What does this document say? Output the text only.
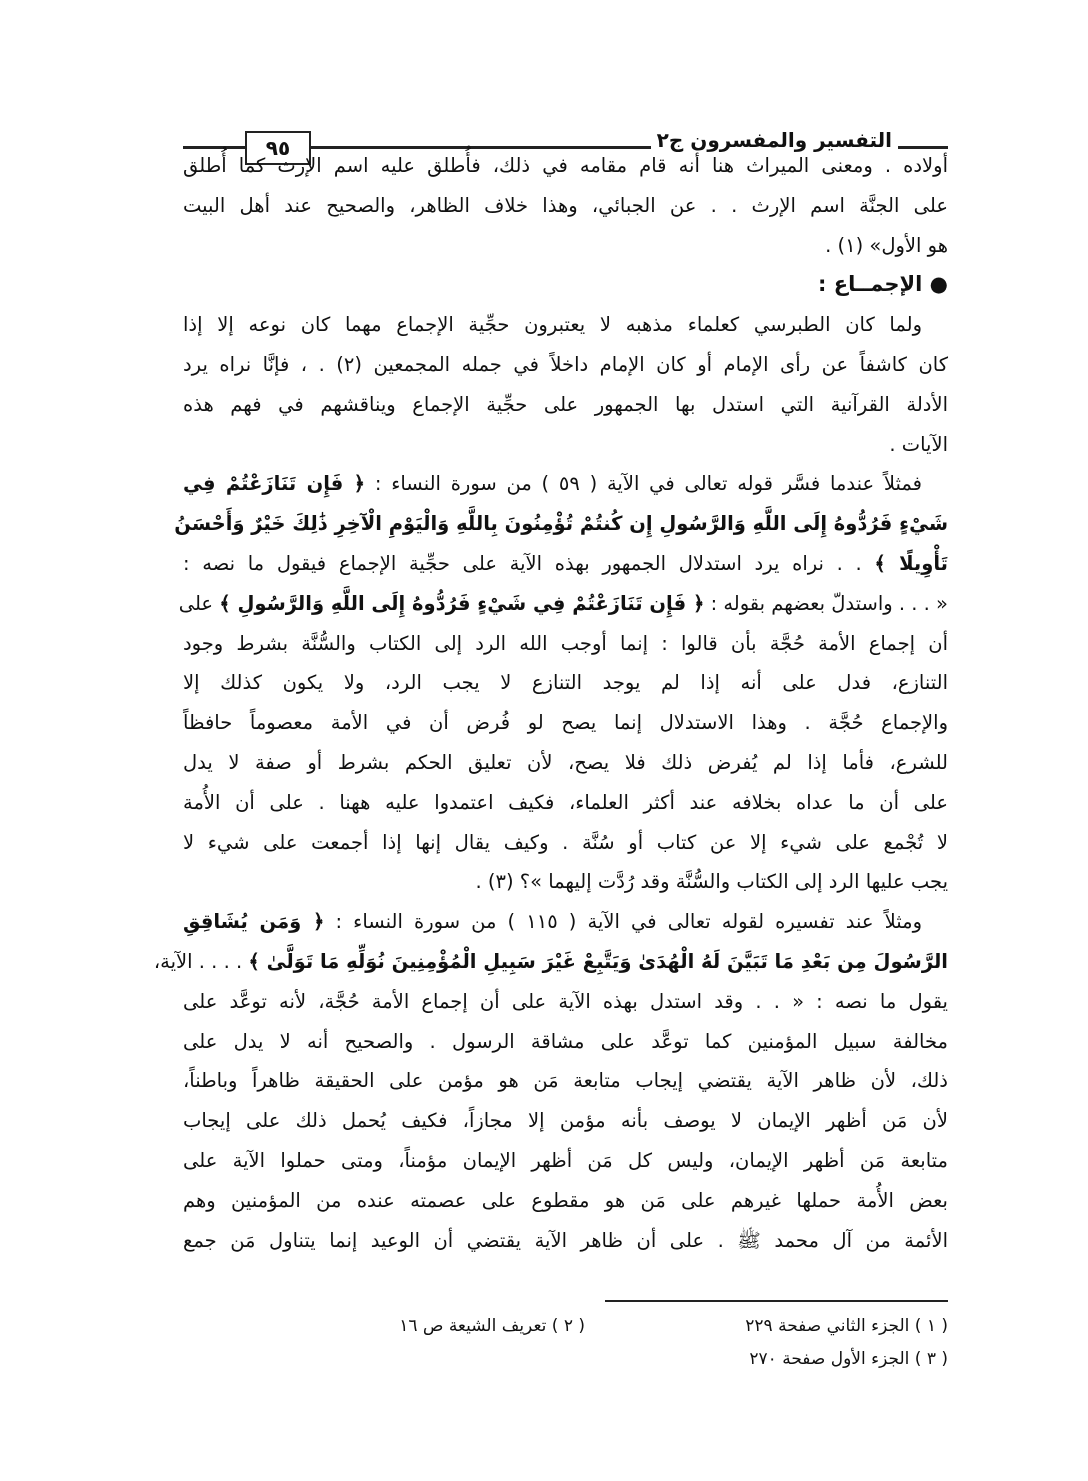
٩٥	التفسير والمفسرون ج٢
أولاده . ومعنى الميراث هنا أنه قام مقامه في ذلك، فأُطلق عليه اسم الإرث كما أُطلق
على الجنَّة اسم الإرث . . عن الجبائي، وهذا خلاف الظاهر، والصحيح عند أهل البيت
هو الأول» (١) .
● الإجمــاع :
ولما كان الطبرسي كعلماء مذهبه لا يعتبرون حجِّية الإجماع مهما كان نوعه إلا إذا
كان كاشفاً عن رأى الإمام أو كان الإمام داخلاً في جمله المجمعين (٢) . ، فإنَّا نراه يرد
الأدلة القرآنية التي استدل بها الجمهور على حجِّية الإجماع ويناقشهم في فهم هذه
الآيات .
فمثلاً عندما فسَّر قوله تعالى في الآية ( ٥٩ ) من سورة النساء : ﴿ فَإِن تَنَازَعْتُمْ فِي
شَيْءٍ فَرُدُّوهُ إِلَى اللَّهِ وَالرَّسُولِ إِن كُنتُمْ تُؤْمِنُونَ بِاللَّهِ وَالْيَوْمِ الْآخِرِ ذَٰلِكَ خَيْرٌ وَأَحْسَنُ
تَأْوِيلًا ﴾ . . نراه يرد استدلال الجمهور بهذه الآية على حجِّية الإجماع فيقول ما نصه :
« . . . واستدلّ بعضهم بقوله : ﴿ فَإِن تَنَازَعْتُمْ فِي شَيْءٍ فَرُدُّوهُ إِلَى اللَّهِ وَالرَّسُولِ ﴾ على
أن إجماع الأمة حُجَّة بأن قالوا : إنما أوجب الله الرد إلى الكتاب والسُّنَّة بشرط وجود
التنازع، فدل على أنه إذا لم يوجد التنازع لا يجب الرد، ولا يكون كذلك إلا
والإجماع حُجَّة . وهذا الاستدلال إنما يصح لو فُرض أن في الأمة معصوماً حافظاً
للشرع، فأما إذا لم يُفرض ذلك فلا يصح، لأن تعليق الحكم بشرط أو صفة لا يدل
على أن ما عداه بخلافه عند أكثر العلماء، فكيف اعتمدوا عليه ههنا . على أن الأُمة
لا تُجْمع على شيء إلا عن كتاب أو سُنَّة . وكيف يقال إنها إذا أجمعت على شيء لا
يجب عليها الرد إلى الكتاب والسُّنَّة وقد رُدَّت إليهما »؟ (٣) .
ومثلاً عند تفسيره لقوله تعالى في الآية ( ١١٥ ) من سورة النساء : ﴿ وَمَن يُشَاقِقِ
الرَّسُولَ مِن بَعْدِ مَا تَبَيَّنَ لَهُ الْهُدَىٰ وَيَتَّبِعْ غَيْرَ سَبِيلِ الْمُؤْمِنِينَ نُوَلِّهِ مَا تَوَلَّىٰ ﴾ . . . . الآية،
يقول ما نصه : « . . وقد استدل بهذه الآية على أن إجماع الأمة حُجَّة، لأنه توعَّد على
مخالفة سبيل المؤمنين كما توعَّد على مشاقة الرسول . والصحيح أنه لا يدل على
ذلك، لأن ظاهر الآية يقتضي إيجاب متابعة مَن هو مؤمن على الحقيقة ظاهراً وباطناً،
لأن مَن أظهر الإيمان لا يوصف بأنه مؤمن إلا مجازاً، فكيف يُحمل ذلك على إيجاب
متابعة مَن أظهر الإيمان، وليس كل مَن أظهر الإيمان مؤمناً، ومتى حملوا الآية على
بعض الأُمة حملها غيرهم على مَن هو مقطوع على عصمته عنده من المؤمنين وهم
الأئمة من آل محمد ﷺ . على أن ظاهر الآية يقتضي أن الوعيد إنما يتناول مَن جمع
( ١ ) الجزء الثاني صفحة ٢٢٩
( ٢ ) تعريف الشيعة ص ١٦
( ٣ ) الجزء الأول صفحة ٢٧٠
